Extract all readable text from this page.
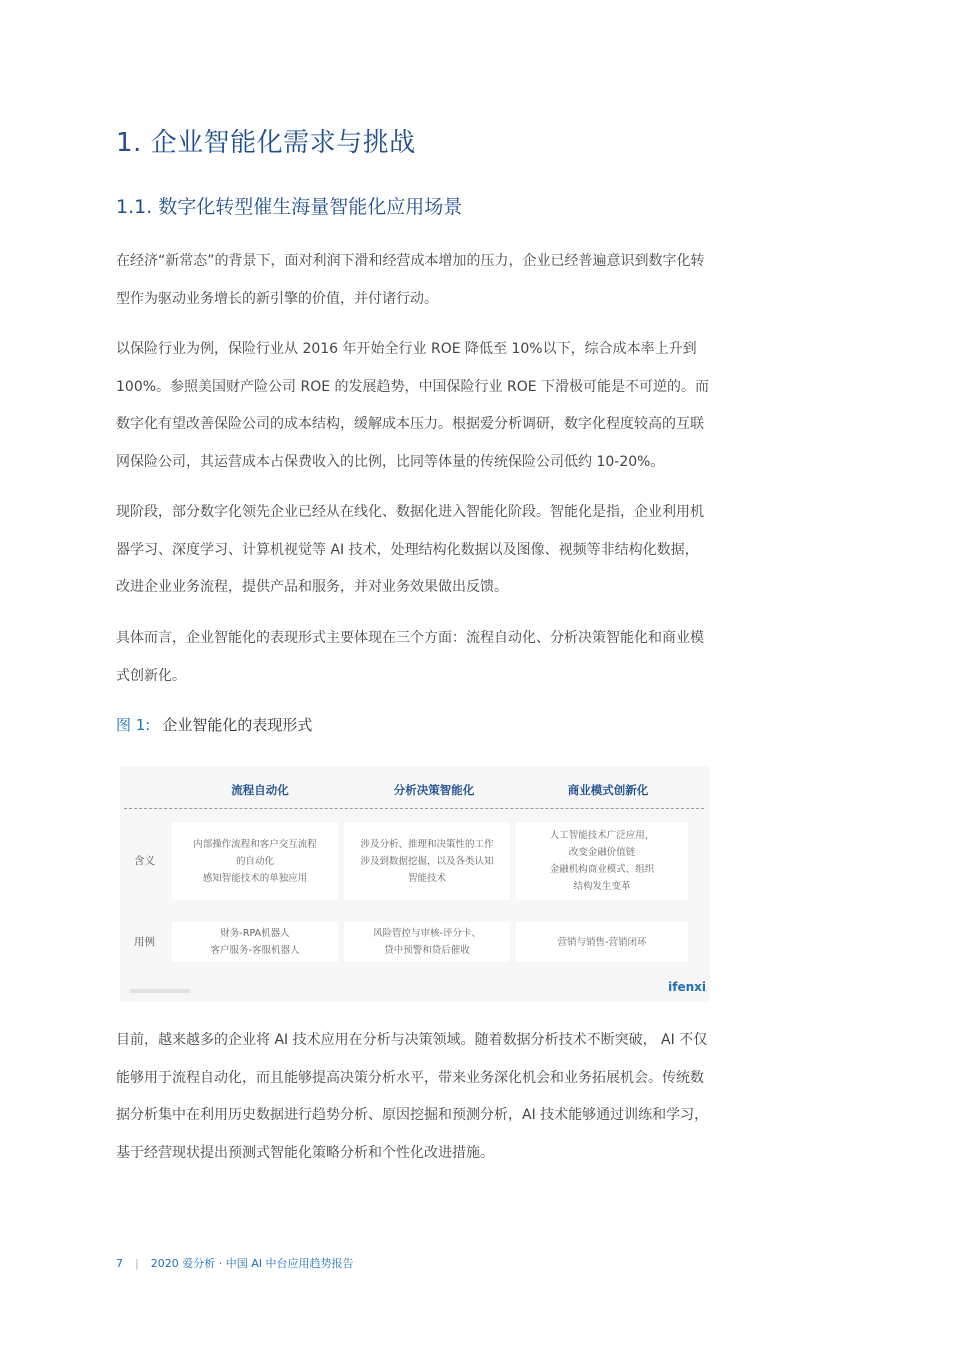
1. 企业智能化需求与挑战
1.1. 数字化转型催生海量智能化应用场景

在经济“新常态”的背景下，面对利润下滑和经营成本增加的压力，企业已经普遍意识到数字化转型作为驱动业务增长的新引擎的价值，并付诸行动。

以保险行业为例，保险行业从 2016 年开始全行业 ROE 降低至 10%以下，综合成本率上升到 100%。参照美国财产险公司 ROE 的发展趋势，中国保险行业 ROE 下滑极可能是不可逆的。而数字化有望改善保险公司的成本结构，缓解成本压力。根据爱分析调研，数字化程度较高的互联网保险公司，其运营成本占保费收入的比例，比同等体量的传统保险公司低约 10-20%。

现阶段，部分数字化领先企业已经从在线化、数据化进入智能化阶段。智能化是指，企业利用机器学习、深度学习、计算机视觉等 AI 技术，处理结构化数据以及图像、视频等非结构化数据，改进企业业务流程，提供产品和服务，并对业务效果做出反馈。

具体而言，企业智能化的表现形式主要体现在三个方面：流程自动化、分析决策智能化和商业模式创新化。

图 1: 企业智能化的表现形式
流程自动化	分析决策智能化	商业模式创新化
含义
用例
内部操作流程和客户交互流程
的自动化
感知智能技术的单独应用
涉及分析、推理和决策性的工作
涉及到数据挖掘，以及各类认知
智能技术
人工智能技术广泛应用，
改变金融价值链
金融机构商业模式、组织
结构发生变革
财务-RPA机器人
客户服务-客服机器人
风险管控与审核-评分卡、
贷中预警和贷后催收
营销与销售-营销闭环
ifenxi

目前，越来越多的企业将 AI 技术应用在分析与决策领域。随着数据分析技术不断突破， AI 不仅能够用于流程自动化，而且能够提高决策分析水平，带来业务深化机会和业务拓展机会。传统数据分析集中在利用历史数据进行趋势分析、原因挖掘和预测分析，AI 技术能够通过训练和学习，基于经营现状提出预测式智能化策略分析和个性化改进措施。

7 | 2020 爱分析 · 中国 AI 中台应用趋势报告
